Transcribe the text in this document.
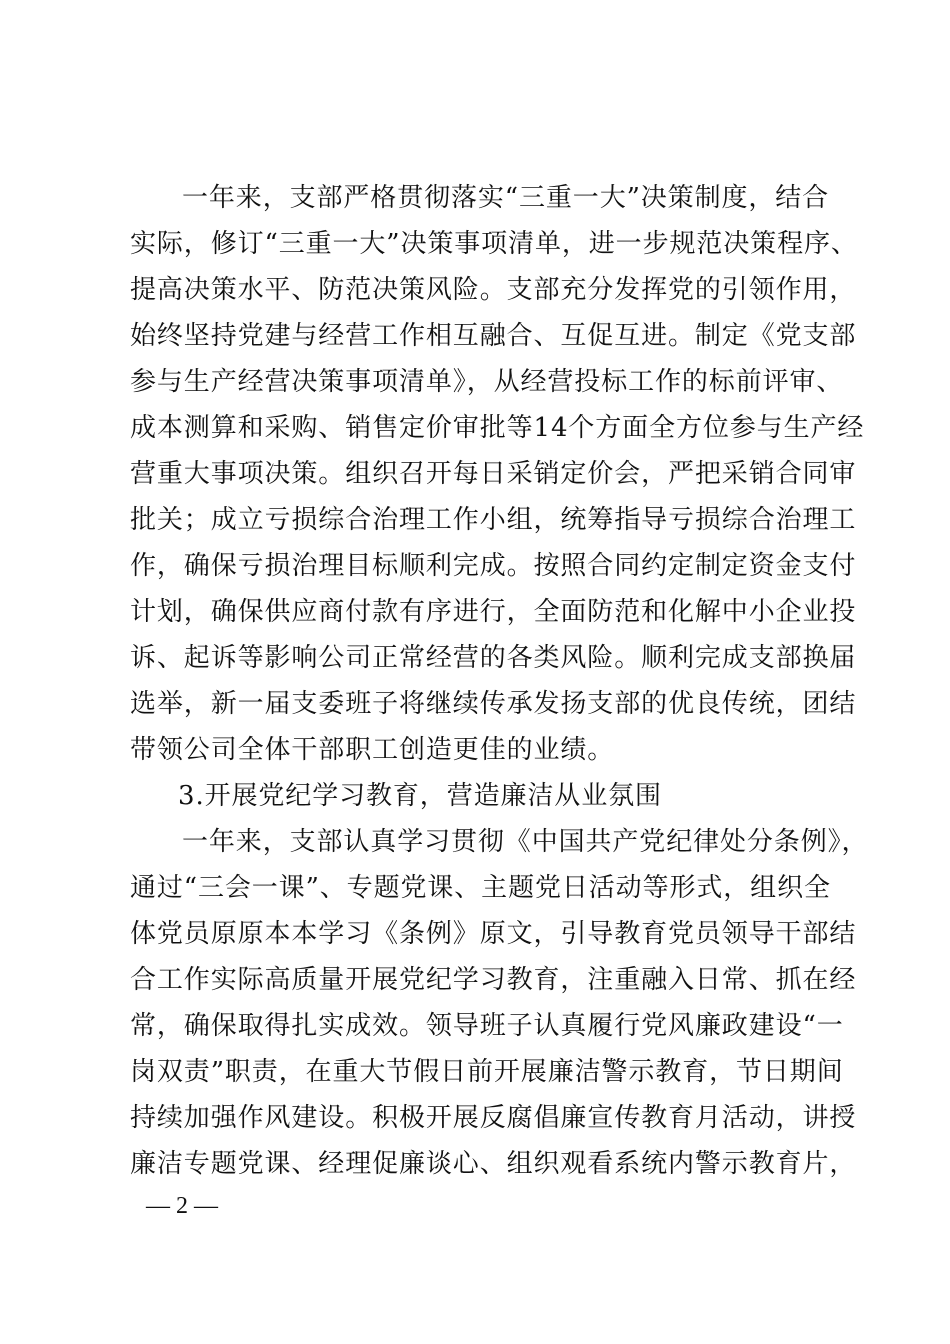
一年来，支部严格贯彻落实“三重一大”决策制度，结合
实际，修订“三重一大”决策事项清单，进一步规范决策程序、
提高决策水平、防范决策风险。支部充分发挥党的引领作用，
始终坚持党建与经营工作相互融合、互促互进。制定《党支部
参与生产经营决策事项清单》，从经营投标工作的标前评审、
成本测算和采购、销售定价审批等14个方面全方位参与生产经
营重大事项决策。组织召开每日采销定价会，严把采销合同审
批关；成立亏损综合治理工作小组，统筹指导亏损综合治理工
作，确保亏损治理目标顺利完成。按照合同约定制定资金支付
计划，确保供应商付款有序进行，全面防范和化解中小企业投
诉、起诉等影响公司正常经营的各类风险。顺利完成支部换届
选举，新一届支委班子将继续传承发扬支部的优良传统，团结
带领公司全体干部职工创造更佳的业绩。
3.开展党纪学习教育，营造廉洁从业氛围
一年来，支部认真学习贯彻《中国共产党纪律处分条例》，
通过“三会一课”、专题党课、主题党日活动等形式，组织全
体党员原原本本学习《条例》原文，引导教育党员领导干部结
合工作实际高质量开展党纪学习教育，注重融入日常、抓在经
常，确保取得扎实成效。领导班子认真履行党风廉政建设“一
岗双责”职责，在重大节假日前开展廉洁警示教育，节日期间
持续加强作风建设。积极开展反腐倡廉宣传教育月活动，讲授
廉洁专题党课、经理促廉谈心、组织观看系统内警示教育片，
— 2 —
